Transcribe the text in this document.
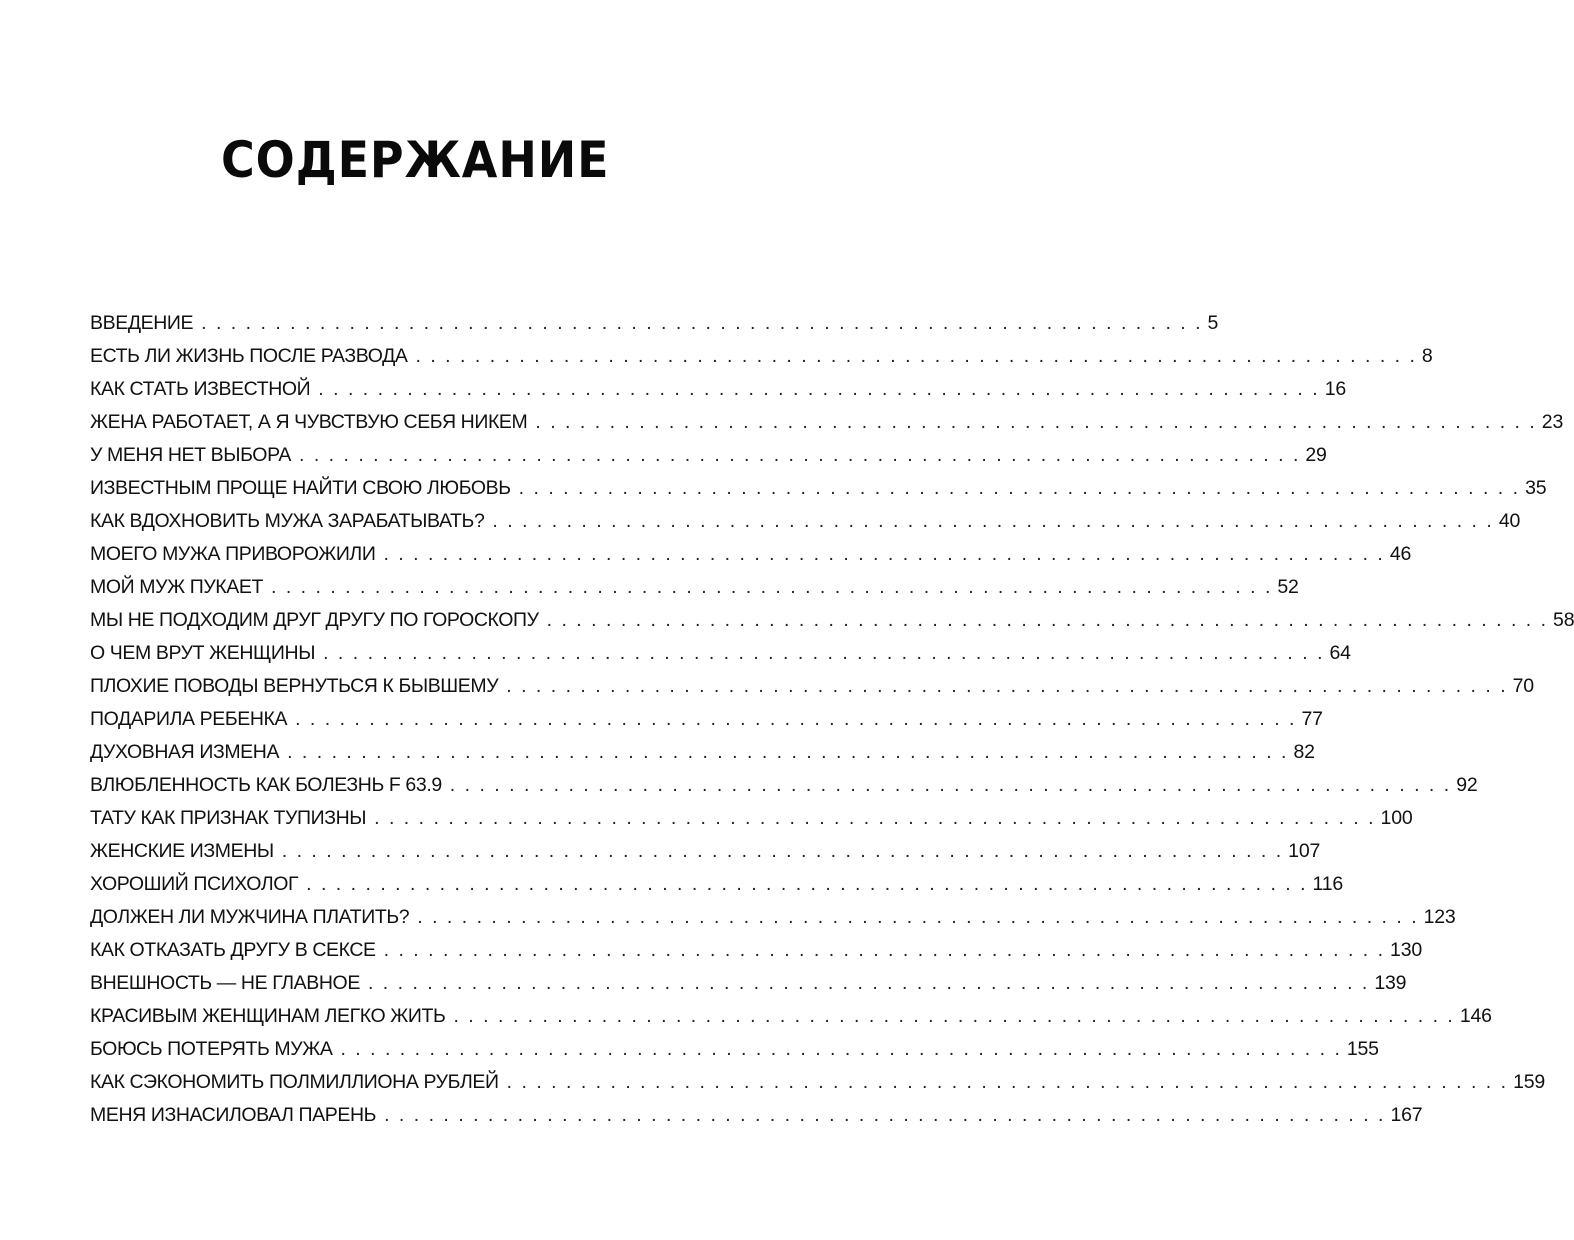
СОДЕРЖАНИЕ
ВВЕДЕНИЕ . . .	5
ЕСТЬ ЛИ ЖИЗНЬ ПОСЛЕ РАЗВОДА . . .	8
КАК СТАТЬ ИЗВЕСТНОЙ . . .	16
ЖЕНА РАБОТАЕТ, А Я ЧУВСТВУЮ СЕБЯ НИКЕМ . . .	23
У МЕНЯ НЕТ ВЫБОРА . . .	29
ИЗВЕСТНЫМ ПРОЩЕ НАЙТИ СВОЮ ЛЮБОВЬ . . .	35
КАК ВДОХНОВИТЬ МУЖА ЗАРАБАТЫВАТЬ? . . .	40
МОЕГО МУЖА ПРИВОРОЖИЛИ . . .	46
МОЙ МУЖ ПУКАЕТ . . .	52
МЫ НЕ ПОДХОДИМ ДРУГ ДРУГУ ПО ГОРОСКОПУ . . .	58
О ЧЕМ ВРУТ ЖЕНЩИНЫ . . .	64
ПЛОХИЕ ПОВОДЫ ВЕРНУТЬСЯ К БЫВШЕМУ . . .	70
ПОДАРИЛА РЕБЕНКА . . .	77
ДУХОВНАЯ ИЗМЕНА . . .	82
ВЛЮБЛЕННОСТЬ КАК БОЛЕЗНЬ F 63.9 . . .	92
ТАТУ КАК ПРИЗНАК ТУПИЗНЫ . . .	100
ЖЕНСКИЕ ИЗМЕНЫ . . .	107
ХОРОШИЙ ПСИХОЛОГ . . .	116
ДОЛЖЕН ЛИ МУЖЧИНА ПЛАТИТЬ? . . .	123
КАК ОТКАЗАТЬ ДРУГУ В СЕКСЕ . . .	130
ВНЕШНОСТЬ — НЕ ГЛАВНОЕ . . .	139
КРАСИВЫМ ЖЕНЩИНАМ ЛЕГКО ЖИТЬ . . .	146
БОЮСЬ ПОТЕРЯТЬ МУЖА . . .	155
КАК СЭКОНОМИТЬ ПОЛМИЛЛИОНА РУБЛЕЙ . . .	159
МЕНЯ ИЗНАСИЛОВАЛ ПАРЕНЬ . . .	167
